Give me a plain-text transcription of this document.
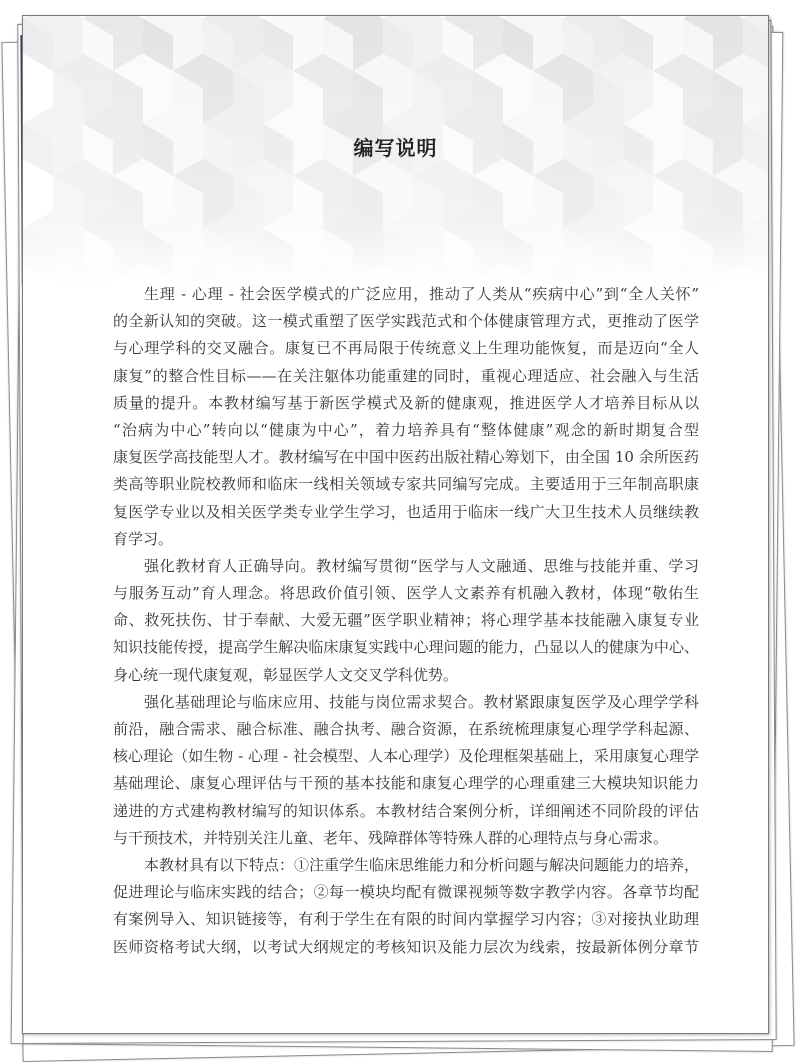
编写说明
生理 - 心理 - 社会医学模式的广泛应用，推动了人类从“疾病中心”到“全人关怀”
的全新认知的突破。这一模式重塑了医学实践范式和个体健康管理方式，更推动了医学
与心理学科的交叉融合。康复已不再局限于传统意义上生理功能恢复，而是迈向“全人
康复”的整合性目标——在关注躯体功能重建的同时，重视心理适应、社会融入与生活
质量的提升。本教材编写基于新医学模式及新的健康观，推进医学人才培养目标从以
“治病为中心”转向以“健康为中心”，着力培养具有“整体健康”观念的新时期复合型
康复医学高技能型人才。教材编写在中国中医药出版社精心筹划下，由全国 10 余所医药
类高等职业院校教师和临床一线相关领域专家共同编写完成。主要适用于三年制高职康
复医学专业以及相关医学类专业学生学习，也适用于临床一线广大卫生技术人员继续教
育学习。
强化教材育人正确导向。教材编写贯彻“医学与人文融通、思维与技能并重、学习
与服务互动”育人理念。将思政价值引领、医学人文素养有机融入教材，体现“敬佑生
命、救死扶伤、甘于奉献、大爱无疆”医学职业精神；将心理学基本技能融入康复专业
知识技能传授，提高学生解决临床康复实践中心理问题的能力，凸显以人的健康为中心、
身心统一现代康复观，彰显医学人文交叉学科优势。
强化基础理论与临床应用、技能与岗位需求契合。教材紧跟康复医学及心理学学科
前沿，融合需求、融合标准、融合执考、融合资源，在系统梳理康复心理学学科起源、
核心理论（如生物 - 心理 - 社会模型、人本心理学）及伦理框架基础上，采用康复心理学
基础理论、康复心理评估与干预的基本技能和康复心理学的心理重建三大模块知识能力
递进的方式建构教材编写的知识体系。本教材结合案例分析，详细阐述不同阶段的评估
与干预技术，并特别关注儿童、老年、残障群体等特殊人群的心理特点与身心需求。
本教材具有以下特点：①注重学生临床思维能力和分析问题与解决问题能力的培养，
促进理论与临床实践的结合；②每一模块均配有微课视频等数字教学内容。各章节均配
有案例导入、知识链接等，有利于学生在有限的时间内掌握学习内容；③对接执业助理
医师资格考试大纲，以考试大纲规定的考核知识及能力层次为线索，按最新体例分章节
